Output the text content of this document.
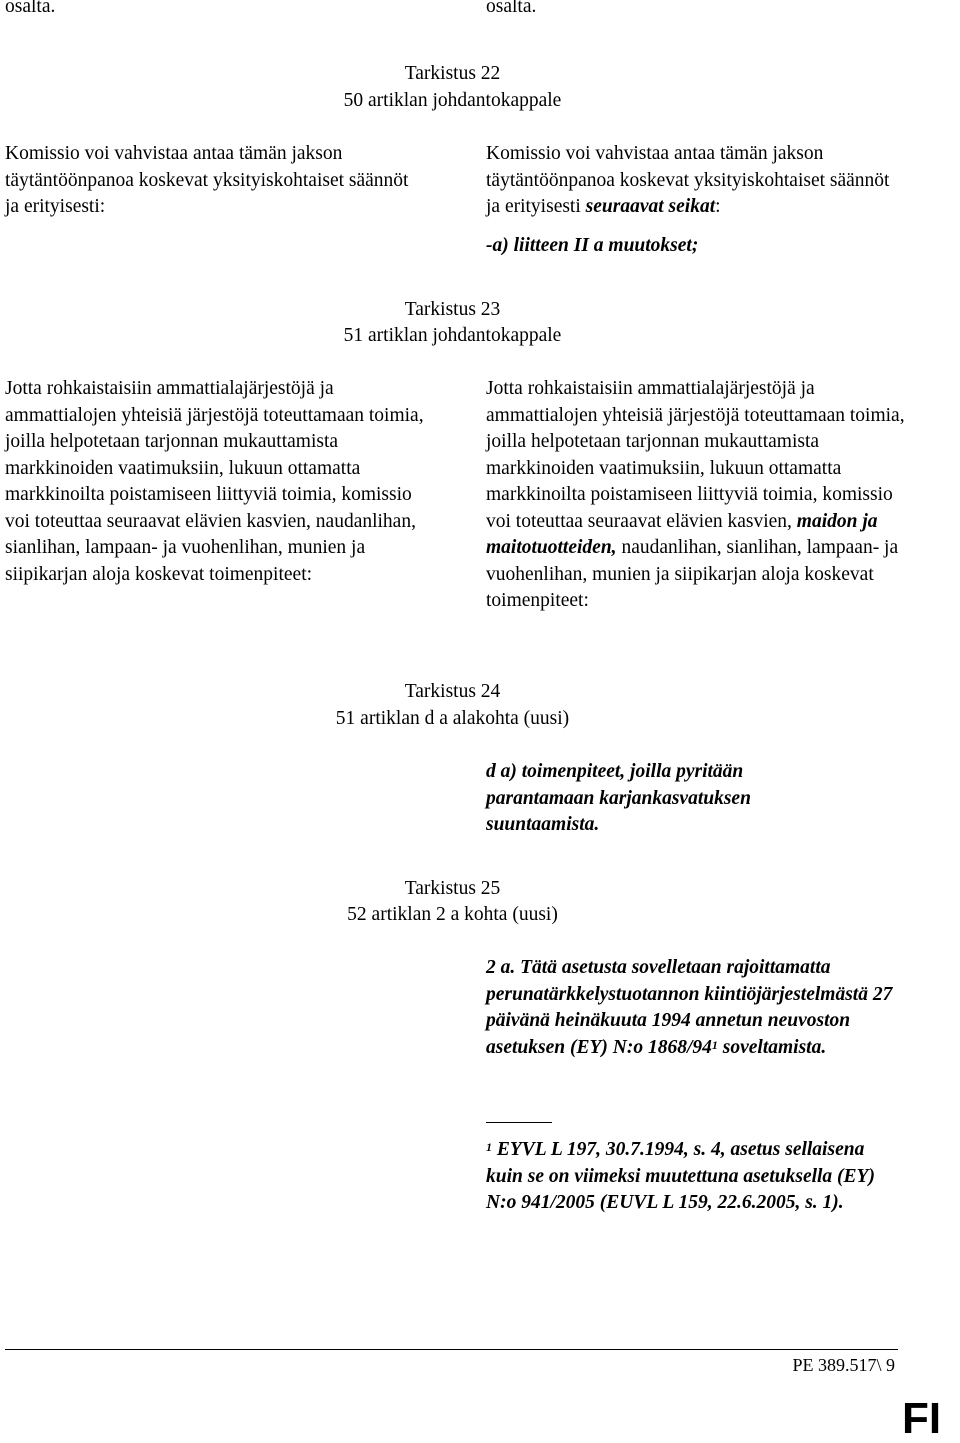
osalta.	osalta.
Tarkistus 22
50 artiklan johdantokappale
Komissio voi vahvistaa antaa tämän jakson täytäntöönpanoa koskevat yksityiskohtaiset säännöt ja erityisesti:
Komissio voi vahvistaa antaa tämän jakson täytäntöönpanoa koskevat yksityiskohtaiset säännöt ja erityisesti seuraavat seikat:
-a) liitteen II a muutokset;
Tarkistus 23
51 artiklan johdantokappale
Jotta rohkaistaisiin ammattialajärjestöjä ja ammattialojen yhteisiä järjestöjä toteuttamaan toimia, joilla helpotetaan tarjonnan mukauttamista markkinoiden vaatimuksiin, lukuun ottamatta markkinoilta poistamiseen liittyviä toimia, komissio voi toteuttaa seuraavat elävien kasvien, naudanlihan, sianlihan, lampaan- ja vuohenlihan, munien ja siipikarjan aloja koskevat toimenpiteet:
Jotta rohkaistaisiin ammattialajärjestöjä ja ammattialojen yhteisiä järjestöjä toteuttamaan toimia, joilla helpotetaan tarjonnan mukauttamista markkinoiden vaatimuksiin, lukuun ottamatta markkinoilta poistamiseen liittyviä toimia, komissio voi toteuttaa seuraavat elävien kasvien, maidon ja maitotuotteiden, naudanlihan, sianlihan, lampaan- ja vuohenlihan, munien ja siipikarjan aloja koskevat toimenpiteet:
Tarkistus 24
51 artiklan d a alakohta (uusi)
d a) toimenpiteet, joilla pyritään parantamaan karjankasvatuksen suuntaamista.
Tarkistus 25
52 artiklan 2 a kohta (uusi)
2 a. Tätä asetusta sovelletaan rajoittamatta perunatärkkelystuotannon kiintiöjärjestelmästä 27 päivänä heinäkuuta 1994 annetun neuvoston asetuksen (EY) N:o $1868/94^1$ soveltamista.
$^1$ EYVL L 197, 30.7.1994, s. 4, asetus sellaisena kuin se on viimeksi muutettuna asetuksella (EY) N:o 941/2005 (EUVL L 159, 22.6.2005, s. 1).
PE 389.517\ 9
FI
